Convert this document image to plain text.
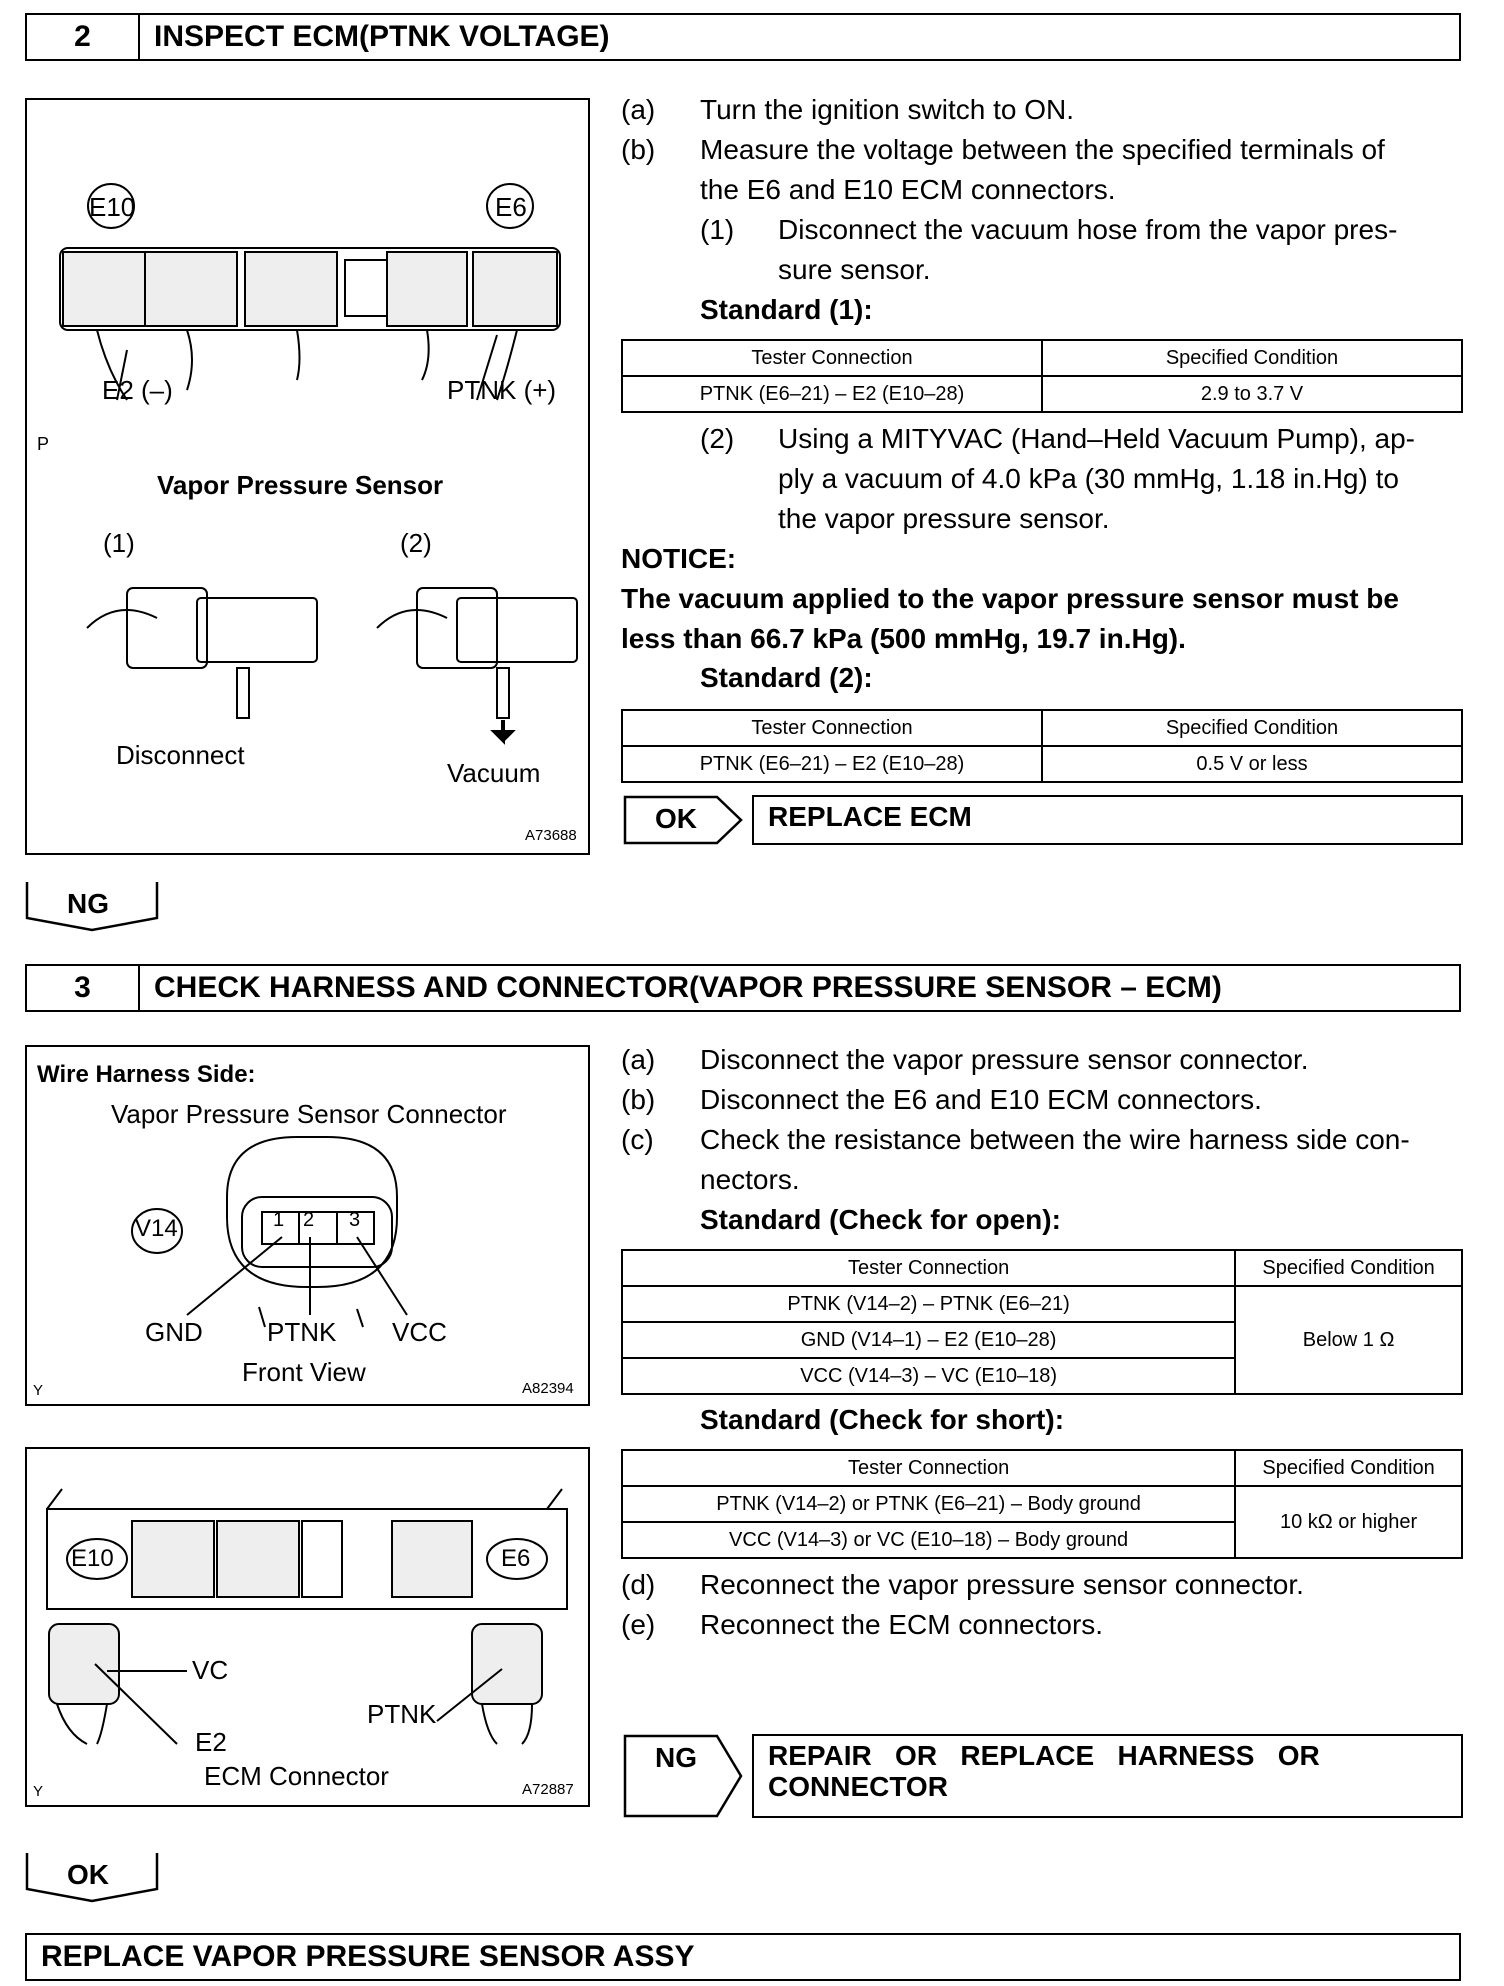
2	INSPECT ECM(PTNK VOLTAGE)
E10	E6
E2 (–)	PTNK (+)
P
Vapor Pressure Sensor
(1)	(2)
Disconnect
Vacuum
A73688
(a) Turn the ignition switch to ON.
(b) Measure the voltage between the specified terminals of
the E6 and E10 ECM connectors.
(1) Disconnect the vacuum hose from the vapor pres-
sure sensor.
Standard (1):
Tester Connection	Specified Condition
PTNK (E6–21) – E2 (E10–28)	2.9 to 3.7 V
(2) Using a MITYVAC (Hand–Held Vacuum Pump), ap-
ply a vacuum of 4.0 kPa (30 mmHg, 1.18 in.Hg) to
the vapor pressure sensor.
NOTICE:
The vacuum applied to the vapor pressure sensor must be
less than 66.7 kPa (500 mmHg, 19.7 in.Hg).
Standard (2):
Tester Connection	Specified Condition
PTNK (E6–21) – E2 (E10–28)	0.5 V or less
OK	REPLACE ECM
NG
3	CHECK HARNESS AND CONNECTOR(VAPOR PRESSURE SENSOR – ECM)
Wire Harness Side:
Vapor Pressure Sensor Connector
V14	1 2 3
GND PTNK VCC
Front View
Y	A82394
E10	E6
VC
E2
PTNK
ECM Connector
Y	A72887
(a) Disconnect the vapor pressure sensor connector.
(b) Disconnect the E6 and E10 ECM connectors.
(c) Check the resistance between the wire harness side con-
nectors.
Standard (Check for open):
Tester Connection	Specified Condition
PTNK (V14–2) – PTNK (E6–21)	Below 1 Ω
GND (V14–1) – E2 (E10–28)	
VCC (V14–3) – VC (E10–18)	
Standard (Check for short):
Tester Connection	Specified Condition
PTNK (V14–2) or PTNK (E6–21) – Body ground	10 kΩ or higher
VCC (V14–3) or VC (E10–18) – Body ground	
(d) Reconnect the vapor pressure sensor connector.
(e) Reconnect the ECM connectors.
NG	REPAIR   OR   REPLACE   HARNESS   OR
CONNECTOR
OK
REPLACE VAPOR PRESSURE SENSOR ASSY
